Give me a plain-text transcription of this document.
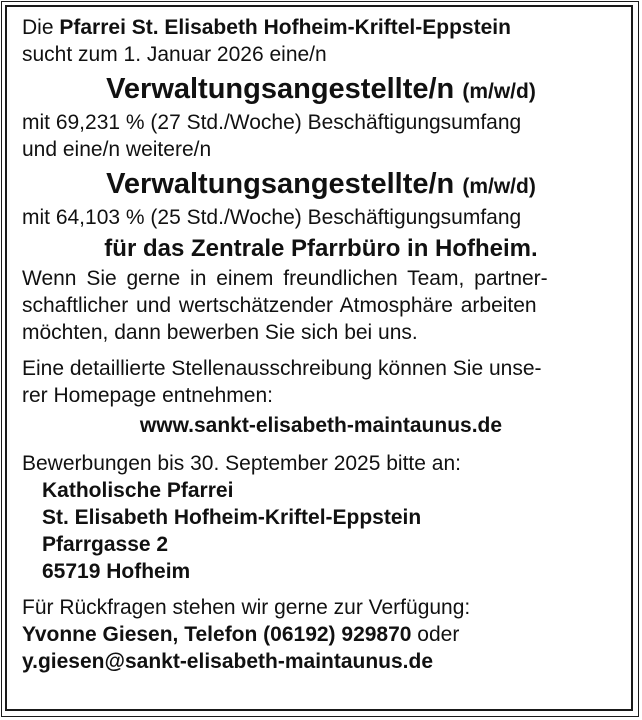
Die Pfarrei St. Elisabeth Hofheim-Kriftel-Eppstein
sucht zum 1. Januar 2026 eine/n
Verwaltungsangestellte/n (m/w/d)
mit 69,231 % (27 Std./Woche) Beschäftigungsumfang
und eine/n weitere/n
Verwaltungsangestellte/n (m/w/d)
mit 64,103 % (25 Std./Woche) Beschäftigungsumfang
für das Zentrale Pfarrbüro in Hofheim.
Wenn Sie gerne in einem freundlichen Team, partner-
schaftlicher und wertschätzender Atmosphäre arbeiten
möchten, dann bewerben Sie sich bei uns.
Eine detaillierte Stellenausschreibung können Sie unse-
rer Homepage entnehmen:
www.sankt-elisabeth-maintaunus.de
Bewerbungen bis 30. September 2025 bitte an:
Katholische Pfarrei
St. Elisabeth Hofheim-Kriftel-Eppstein
Pfarrgasse 2
65719 Hofheim
Für Rückfragen stehen wir gerne zur Verfügung:
Yvonne Giesen, Telefon (06192) 929870 oder
y.giesen@sankt-elisabeth-maintaunus.de
